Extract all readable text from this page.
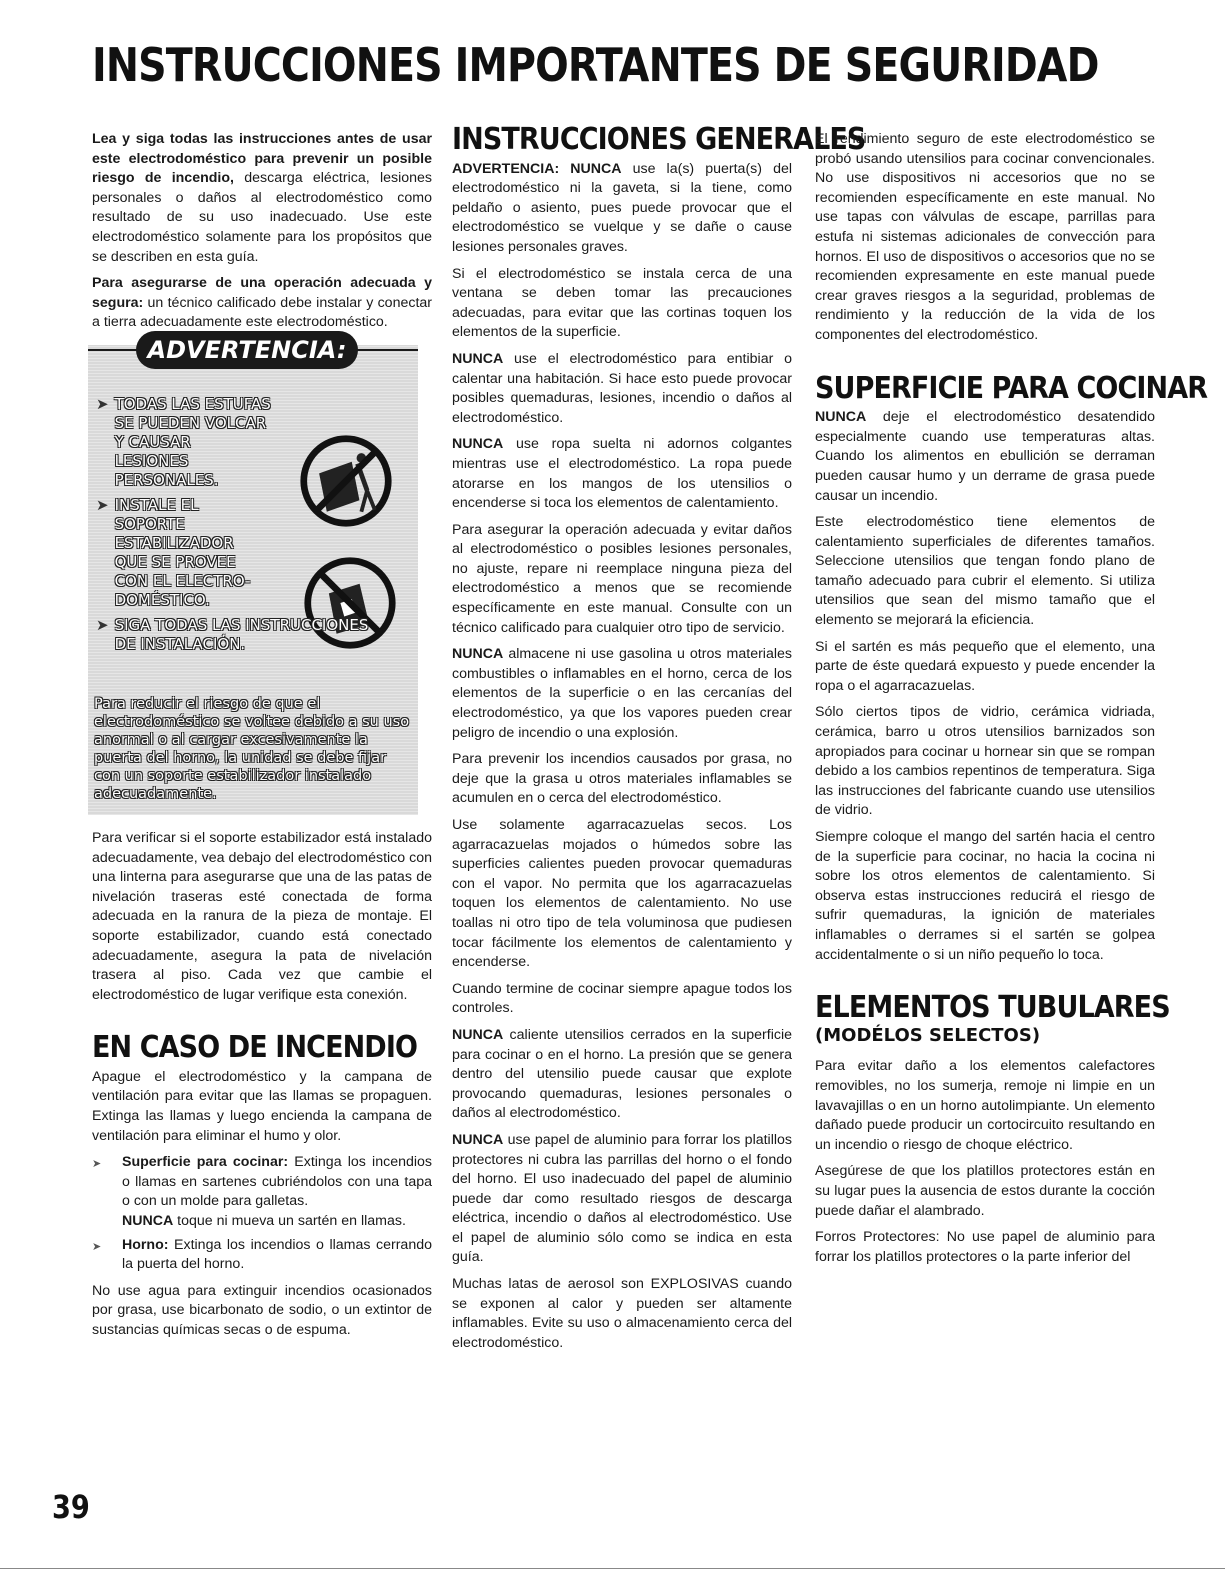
INSTRUCCIONES IMPORTANTES DE SEGURIDAD

Lea y siga todas las instrucciones antes de usar este electrodoméstico para prevenir un posible riesgo de incendio, descarga eléctrica, lesiones personales o daños al electrodoméstico como resultado de su uso inadecuado. Use este electrodoméstico solamente para los propósitos que se describen en esta guía.

Para asegurarse de una operación adecuada y segura: un técnico calificado debe instalar y conectar a tierra adecuadamente este electrodoméstico.

ADVERTENCIA:
➤ TODAS LAS ESTUFAS
SE PUEDEN VOLCAR
Y CAUSAR
LESIONES
PERSONALES.
➤ INSTALE EL
SOPORTE
ESTABILIZADOR
QUE SE PROVEE
CON EL ELECTRO-
DOMÉSTICO.
➤ SIGA TODAS LAS INSTRUCCIONES
DE INSTALACIÓN.
Para reducir el riesgo de que el electrodoméstico se voltee debido a su uso anormal o al cargar excesivamente la puerta del horno, la unidad se debe fijar con un soporte estabilizador instalado adecuadamente.

Para verificar si el soporte estabilizador está instalado adecuadamente, vea debajo del electrodoméstico con una linterna para asegurarse que una de las patas de nivelación traseras esté conectada de forma adecuada en la ranura de la pieza de montaje. El soporte estabilizador, cuando está conectado adecuadamente, asegura la pata de nivelación trasera al piso. Cada vez que cambie el electrodoméstico de lugar verifique esta conexión.

EN CASO DE INCENDIO

Apague el electrodoméstico y la campana de ventilación para evitar que las llamas se propaguen. Extinga las llamas y luego encienda la campana de ventilación para eliminar el humo y olor.

➤	Superficie para cocinar: Extinga los incendios o llamas en sartenes cubriéndolos con una tapa o con un molde para galletas.
NUNCA toque ni mueva un sartén en llamas.
➤	Horno: Extinga los incendios o llamas cerrando la puerta del horno.

No use agua para extinguir incendios ocasionados por grasa, use bicarbonato de sodio, o un extintor de sustancias químicas secas o de espuma.

INSTRUCCIONES GENERALES

ADVERTENCIA: NUNCA use la(s) puerta(s) del electrodoméstico ni la gaveta, si la tiene, como peldaño o asiento, pues puede provocar que el electrodoméstico se vuelque y se dañe o cause lesiones personales graves.

Si el electrodoméstico se instala cerca de una ventana se deben tomar las precauciones adecuadas, para evitar que las cortinas toquen los elementos de la superficie.

NUNCA use el electrodoméstico para entibiar o calentar una habitación. Si hace esto puede provocar posibles quemaduras, lesiones, incendio o daños al electrodoméstico.

NUNCA use ropa suelta ni adornos colgantes mientras use el electrodoméstico. La ropa puede atorarse en los mangos de los utensilios o encenderse si toca los elementos de calentamiento.

Para asegurar la operación adecuada y evitar daños al electrodoméstico o posibles lesiones personales, no ajuste, repare ni reemplace ninguna pieza del electrodoméstico a menos que se recomiende específicamente en este manual. Consulte con un técnico calificado para cualquier otro tipo de servicio.

NUNCA almacene ni use gasolina u otros materiales combustibles o inflamables en el horno, cerca de los elementos de la superficie o en las cercanías del electrodoméstico, ya que los vapores pueden crear peligro de incendio o una explosión.

Para prevenir los incendios causados por grasa, no deje que la grasa u otros materiales inflamables se acumulen en o cerca del electrodoméstico.

Use solamente agarracazuelas secos. Los agarracazuelas mojados o húmedos sobre las superficies calientes pueden provocar quemaduras con el vapor. No permita que los agarracazuelas toquen los elementos de calentamiento. No use toallas ni otro tipo de tela voluminosa que pudiesen tocar fácilmente los elementos de calentamiento y encenderse.

Cuando termine de cocinar siempre apague todos los controles.

NUNCA caliente utensilios cerrados en la superficie para cocinar o en el horno. La presión que se genera dentro del utensilio puede causar que explote provocando quemaduras, lesiones personales o daños al electrodoméstico.

NUNCA use papel de aluminio para forrar los platillos protectores ni cubra las parrillas del horno o el fondo del horno. El uso inadecuado del papel de aluminio puede dar como resultado riesgos de descarga eléctrica, incendio o daños al electrodoméstico. Use el papel de aluminio sólo como se indica en esta guía.

Muchas latas de aerosol son EXPLOSIVAS cuando se exponen al calor y pueden ser altamente inflamables. Evite su uso o almacenamiento cerca del electrodoméstico.

El rendimiento seguro de este electrodoméstico se probó usando utensilios para cocinar convencionales. No use dispositivos ni accesorios que no se recomienden específicamente en este manual. No use tapas con válvulas de escape, parrillas para estufa ni sistemas adicionales de convección para hornos. El uso de dispositivos o accesorios que no se recomienden expresamente en este manual puede crear graves riesgos a la seguridad, problemas de rendimiento y la reducción de la vida de los componentes del electrodoméstico.

SUPERFICIE PARA COCINAR

NUNCA deje el electrodoméstico desatendido especialmente cuando use temperaturas altas. Cuando los alimentos en ebullición se derraman pueden causar humo y un derrame de grasa puede causar un incendio.

Este electrodoméstico tiene elementos de calentamiento superficiales de diferentes tamaños. Seleccione utensilios que tengan fondo plano de tamaño adecuado para cubrir el elemento. Si utiliza utensilios que sean del mismo tamaño que el elemento se mejorará la eficiencia.

Si el sartén es más pequeño que el elemento, una parte de éste quedará expuesto y puede encender la ropa o el agarracazuelas.

Sólo ciertos tipos de vidrio, cerámica vidriada, cerámica, barro u otros utensilios barnizados son apropiados para cocinar u hornear sin que se rompan debido a los cambios repentinos de temperatura. Siga las instrucciones del fabricante cuando use utensilios de vidrio.

Siempre coloque el mango del sartén hacia el centro de la superficie para cocinar, no hacia la cocina ni sobre los otros elementos de calentamiento. Si observa estas instrucciones reducirá el riesgo de sufrir quemaduras, la ignición de materiales inflamables o derrames si el sartén se golpea accidentalmente o si un niño pequeño lo toca.

ELEMENTOS TUBULARES
(MODÉLOS SELECTOS)

Para evitar daño a los elementos calefactores removibles, no los sumerja, remoje ni limpie en un lavavajillas o en un horno autolimpiante. Un elemento dañado puede producir un cortocircuito resultando en un incendio o riesgo de choque eléctrico.

Asegúrese de que los platillos protectores están en su lugar pues la ausencia de estos durante la cocción puede dañar el alambrado.

Forros Protectores: No use papel de aluminio para forrar los platillos protectores o la parte inferior del

39
